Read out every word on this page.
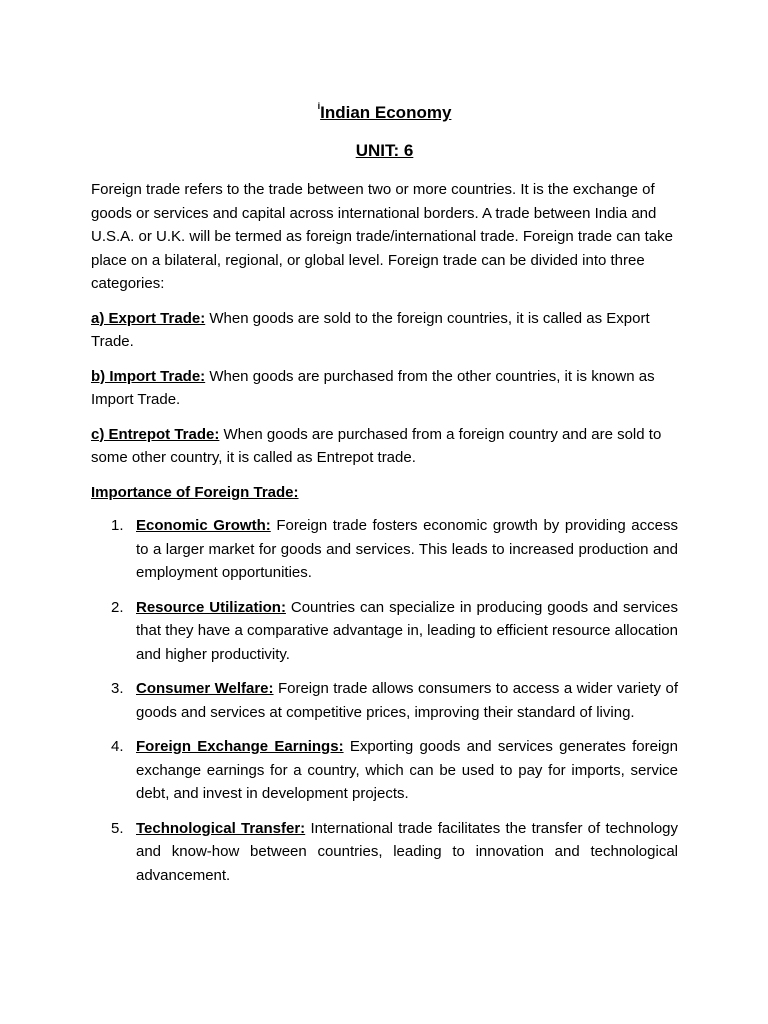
$^i$Indian Economy
UNIT: 6

Foreign trade refers to the trade between two or more countries. It is the exchange of goods or services and capital across international borders. A trade between India and U.S.A. or U.K. will be termed as foreign trade/international trade. Foreign trade can take place on a bilateral, regional, or global level. Foreign trade can be divided into three categories:

a) Export Trade: When goods are sold to the foreign countries, it is called as Export Trade.

b) Import Trade: When goods are purchased from the other countries, it is known as Import Trade.

c) Entrepot Trade: When goods are purchased from a foreign country and are sold to some other country, it is called as Entrepot trade.

Importance of Foreign Trade:
1. Economic Growth: Foreign trade fosters economic growth by providing access to a larger market for goods and services. This leads to increased production and employment opportunities.
2. Resource Utilization: Countries can specialize in producing goods and services that they have a comparative advantage in, leading to efficient resource allocation and higher productivity.
3. Consumer Welfare: Foreign trade allows consumers to access a wider variety of goods and services at competitive prices, improving their standard of living.
4. Foreign Exchange Earnings: Exporting goods and services generates foreign exchange earnings for a country, which can be used to pay for imports, service debt, and invest in development projects.
5. Technological Transfer: International trade facilitates the transfer of technology and know-how between countries, leading to innovation and technological advancement.
